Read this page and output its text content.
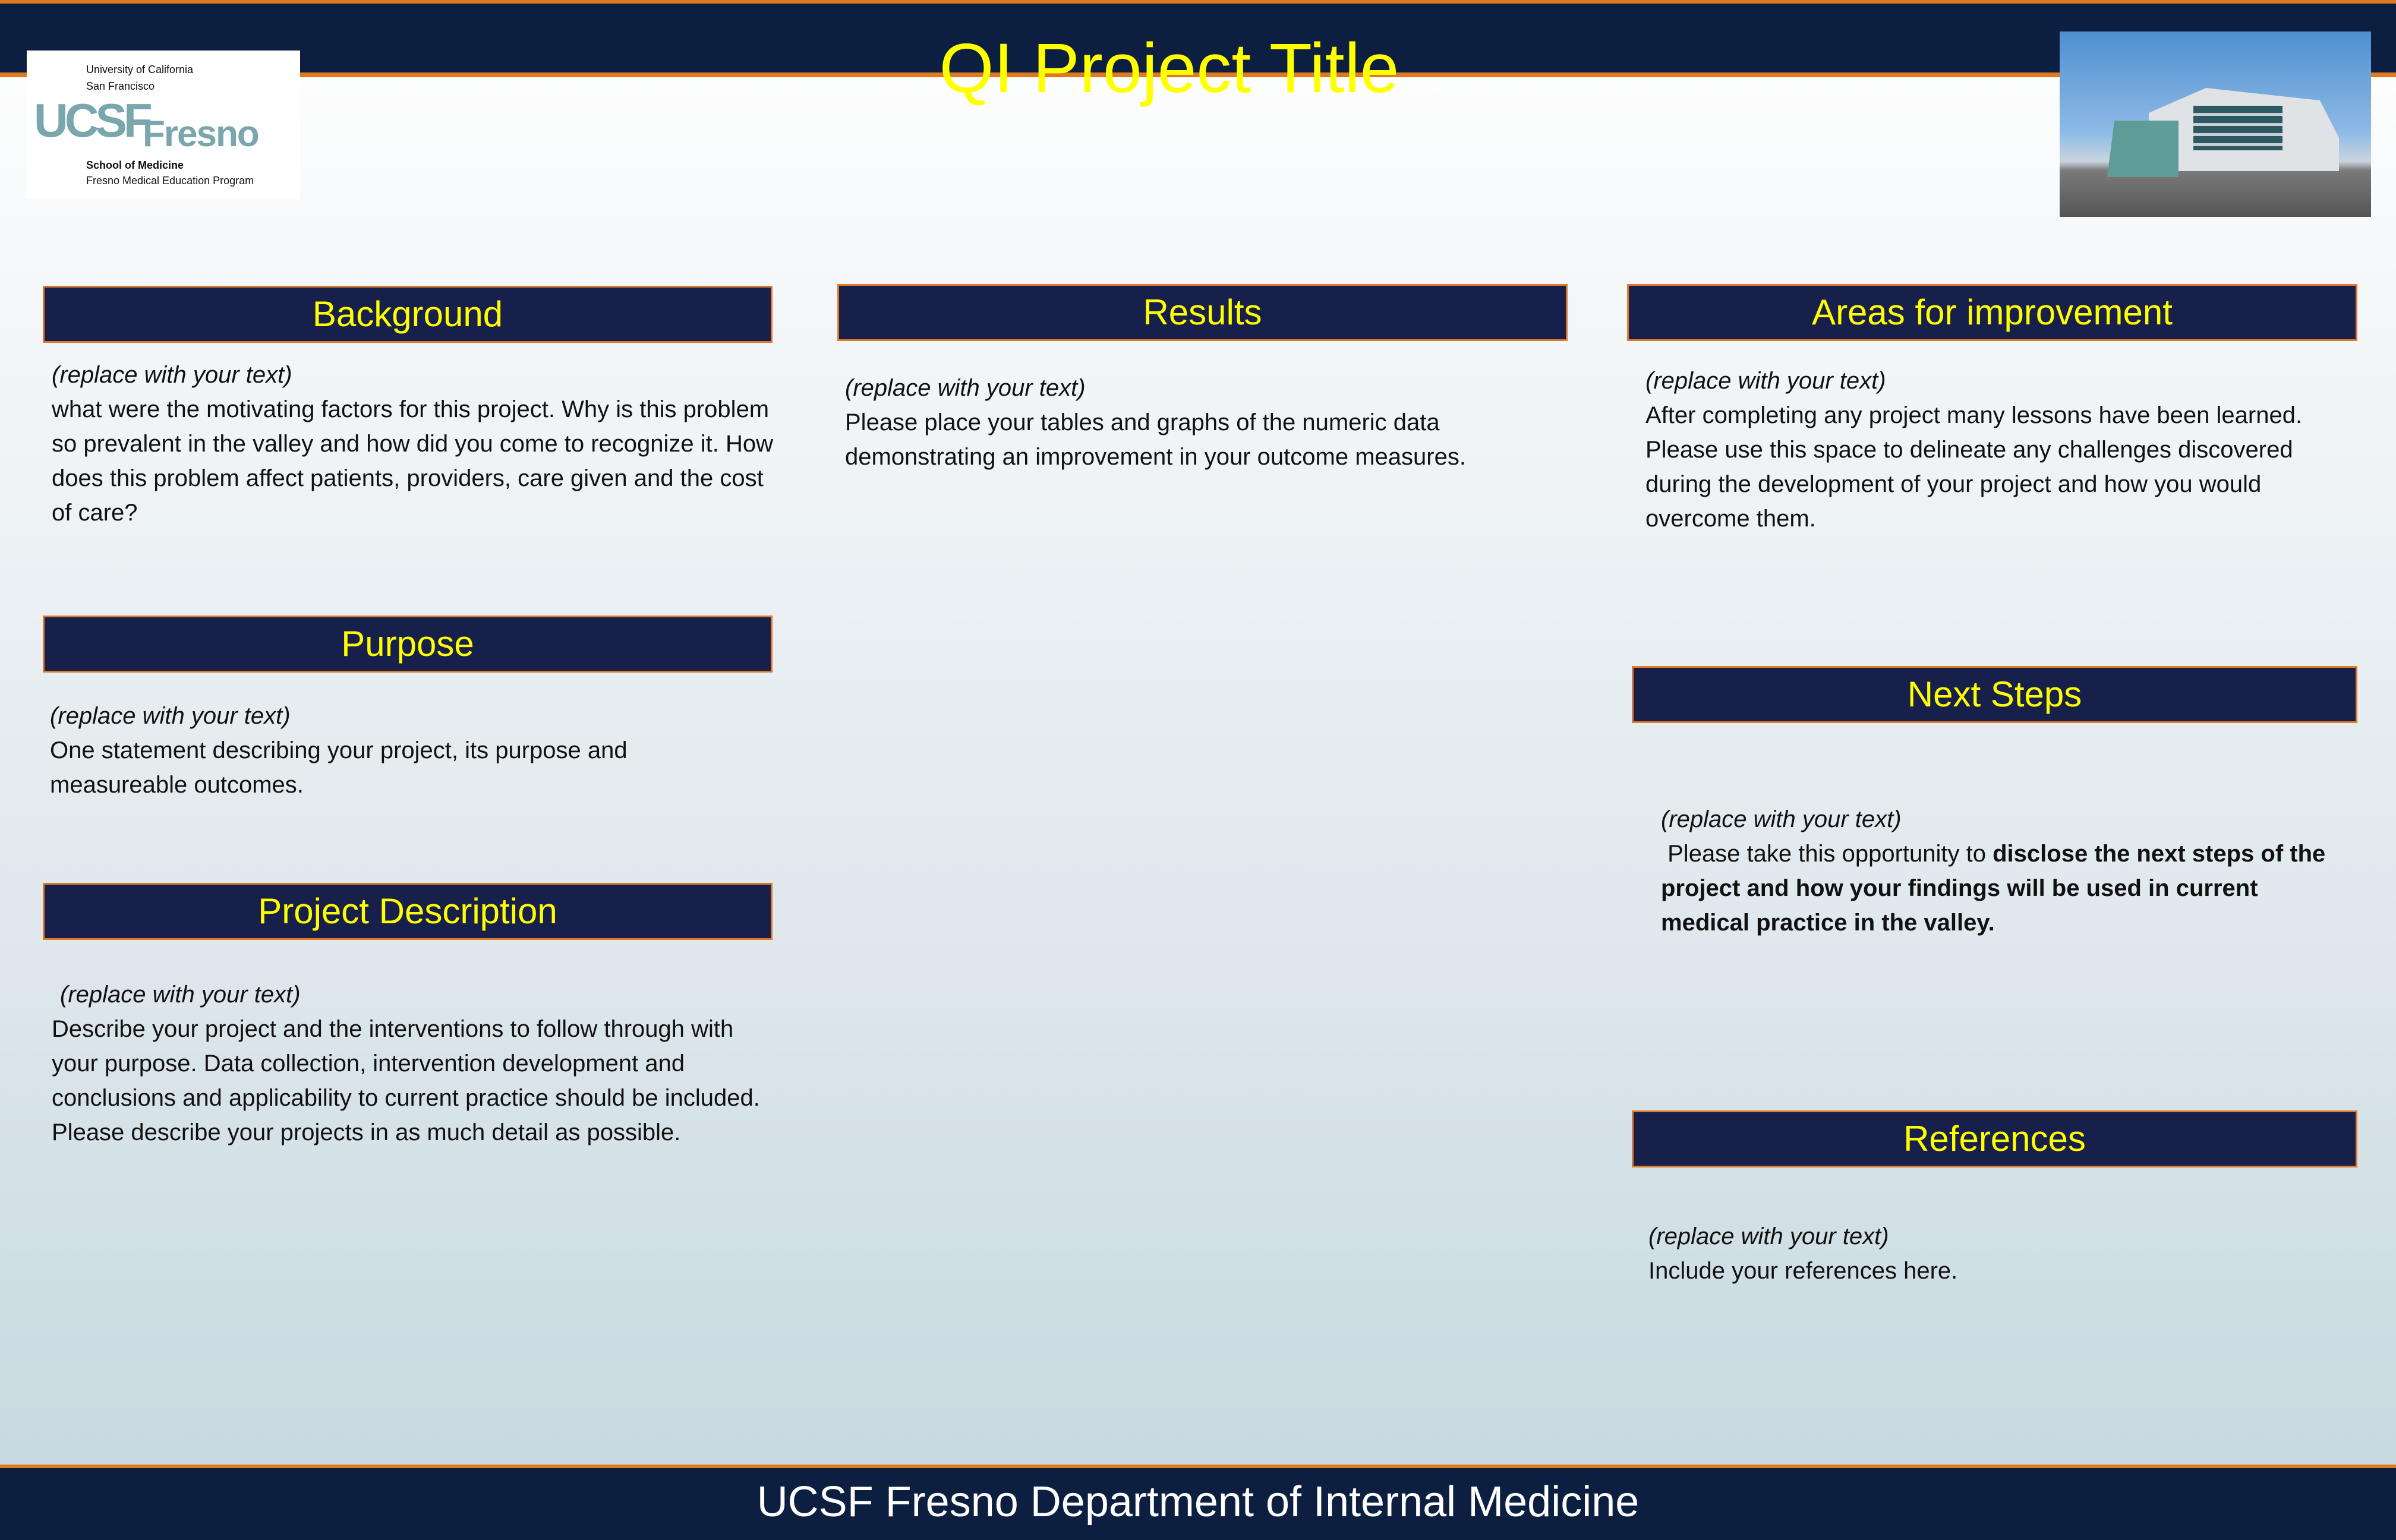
QI Project Title
University of California
San Francisco
UCSF
Fresno
School of Medicine
Fresno Medical Education Program
Background
(replace with your text)
what were the motivating factors for this project. Why is this problem so prevalent in the valley and how did you come to recognize it. How does this problem affect patients, providers, care given and the cost of care?
Purpose
(replace with your text)
One statement describing your project, its purpose and measureable outcomes.
Project Description
(replace with your text)
Describe your project and the interventions to follow through with your purpose. Data collection, intervention development and conclusions and applicability to current practice should be included. Please describe your projects in as much detail as possible.
Results
(replace with your text)
Please place your tables and graphs of the numeric data demonstrating an improvement in your outcome measures.
Areas for improvement
(replace with your text)
After completing any project many lessons have been learned. Please use this space to delineate any challenges discovered during the development of your project and how you would overcome them.
Next Steps
(replace with your text)
Please take this opportunity to disclose the next steps of the project and how your findings will be used in current medical practice in the valley.
References
(replace with your text)
Include your references here.
UCSF Fresno Department of Internal Medicine
